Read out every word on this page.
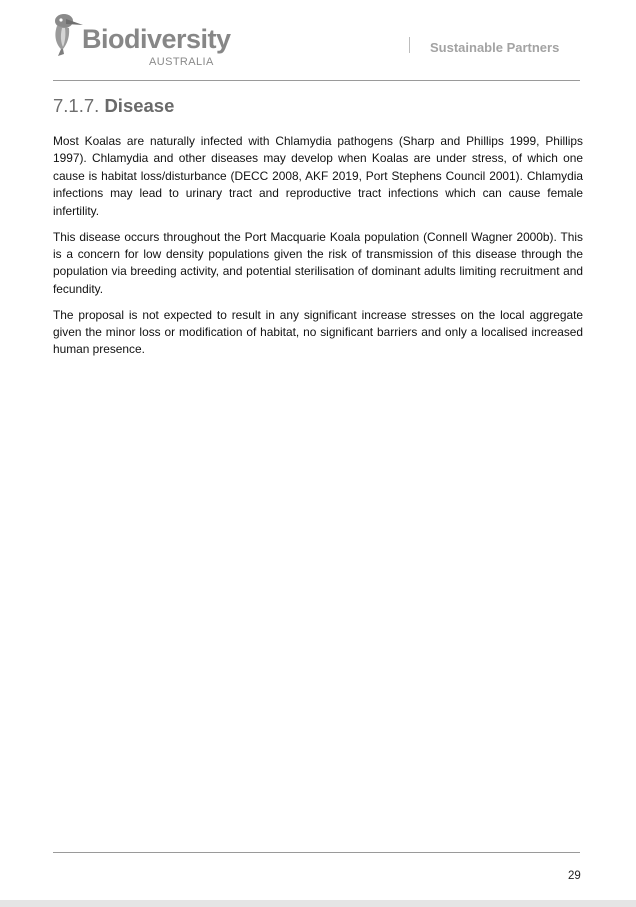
Biodiversity
AUSTRALIA
Sustainable Partners
7.1.7. Disease

Most Koalas are naturally infected with Chlamydia pathogens (Sharp and Phillips 1999, Phillips 1997). Chlamydia and other diseases may develop when Koalas are under stress, of which one cause is habitat loss/disturbance (DECC 2008, AKF 2019, Port Stephens Council 2001). Chlamydia infections may lead to urinary tract and reproductive tract infections which can cause female infertility.

This disease occurs throughout the Port Macquarie Koala population (Connell Wagner 2000b). This is a concern for low density populations given the risk of transmission of this disease through the population via breeding activity, and potential sterilisation of dominant adults limiting recruitment and fecundity.

The proposal is not expected to result in any significant increase stresses on the local aggregate given the minor loss or modification of habitat, no significant barriers and only a localised increased human presence.

29
